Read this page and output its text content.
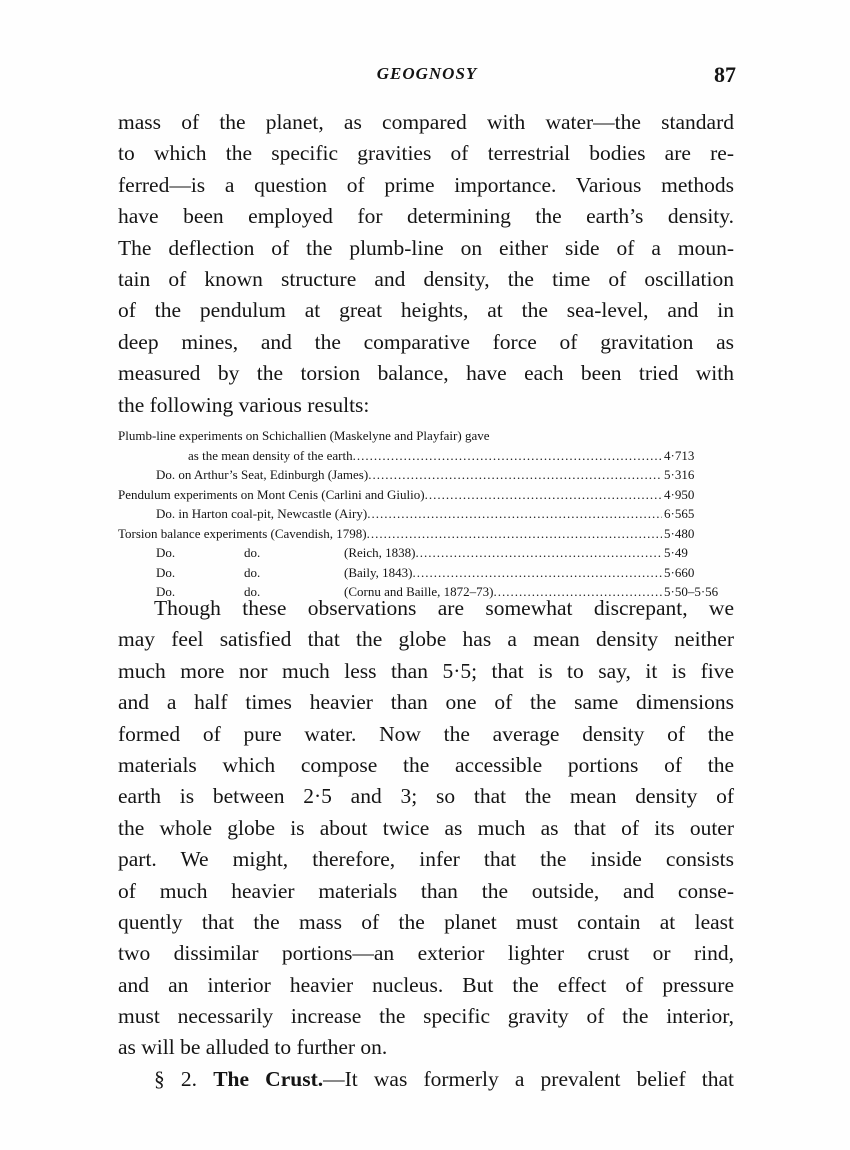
GEOGNOSY	87
mass of the planet, as compared with water—the standard
to which the specific gravities of terrestrial bodies are re-
ferred—is a question of prime importance. Various methods
have been employed for determining the earth’s density.
The deflection of the plumb-line on either side of a moun-
tain of known structure and density, the time of oscillation
of the pendulum at great heights, at the sea-level, and in
deep mines, and the comparative force of gravitation as
measured by the torsion balance, have each been tried with
the following various results:
Plumb-line experiments on Schichallien (Maskelyne and Playfair) gave
as the mean density of the earth .....	4·713
Do. on Arthur’s Seat, Edinburgh (James) .....	5·316
Pendulum experiments on Mont Cenis (Carlini and Giulio) .....	4·950
Do. in Harton coal-pit, Newcastle (Airy) .....	6·565
Torsion balance experiments (Cavendish, 1798) .....	5·480
Do.	do.	(Reich, 1838) .....	5·49
Do.	do.	(Baily, 1843) .....	5·660
Do.	do.	(Cornu and Baille, 1872–73) .....	5·50–5·56
Though these observations are somewhat discrepant, we
may feel satisfied that the globe has a mean density neither
much more nor much less than 5·5; that is to say, it is five
and a half times heavier than one of the same dimensions
formed of pure water. Now the average density of the
materials which compose the accessible portions of the
earth is between 2·5 and 3; so that the mean density of
the whole globe is about twice as much as that of its outer
part. We might, therefore, infer that the inside consists
of much heavier materials than the outside, and conse-
quently that the mass of the planet must contain at least
two dissimilar portions—an exterior lighter crust or rind,
and an interior heavier nucleus. But the effect of pressure
must necessarily increase the specific gravity of the interior,
as will be alluded to further on.
§ 2. The Crust.—It was formerly a prevalent belief that
